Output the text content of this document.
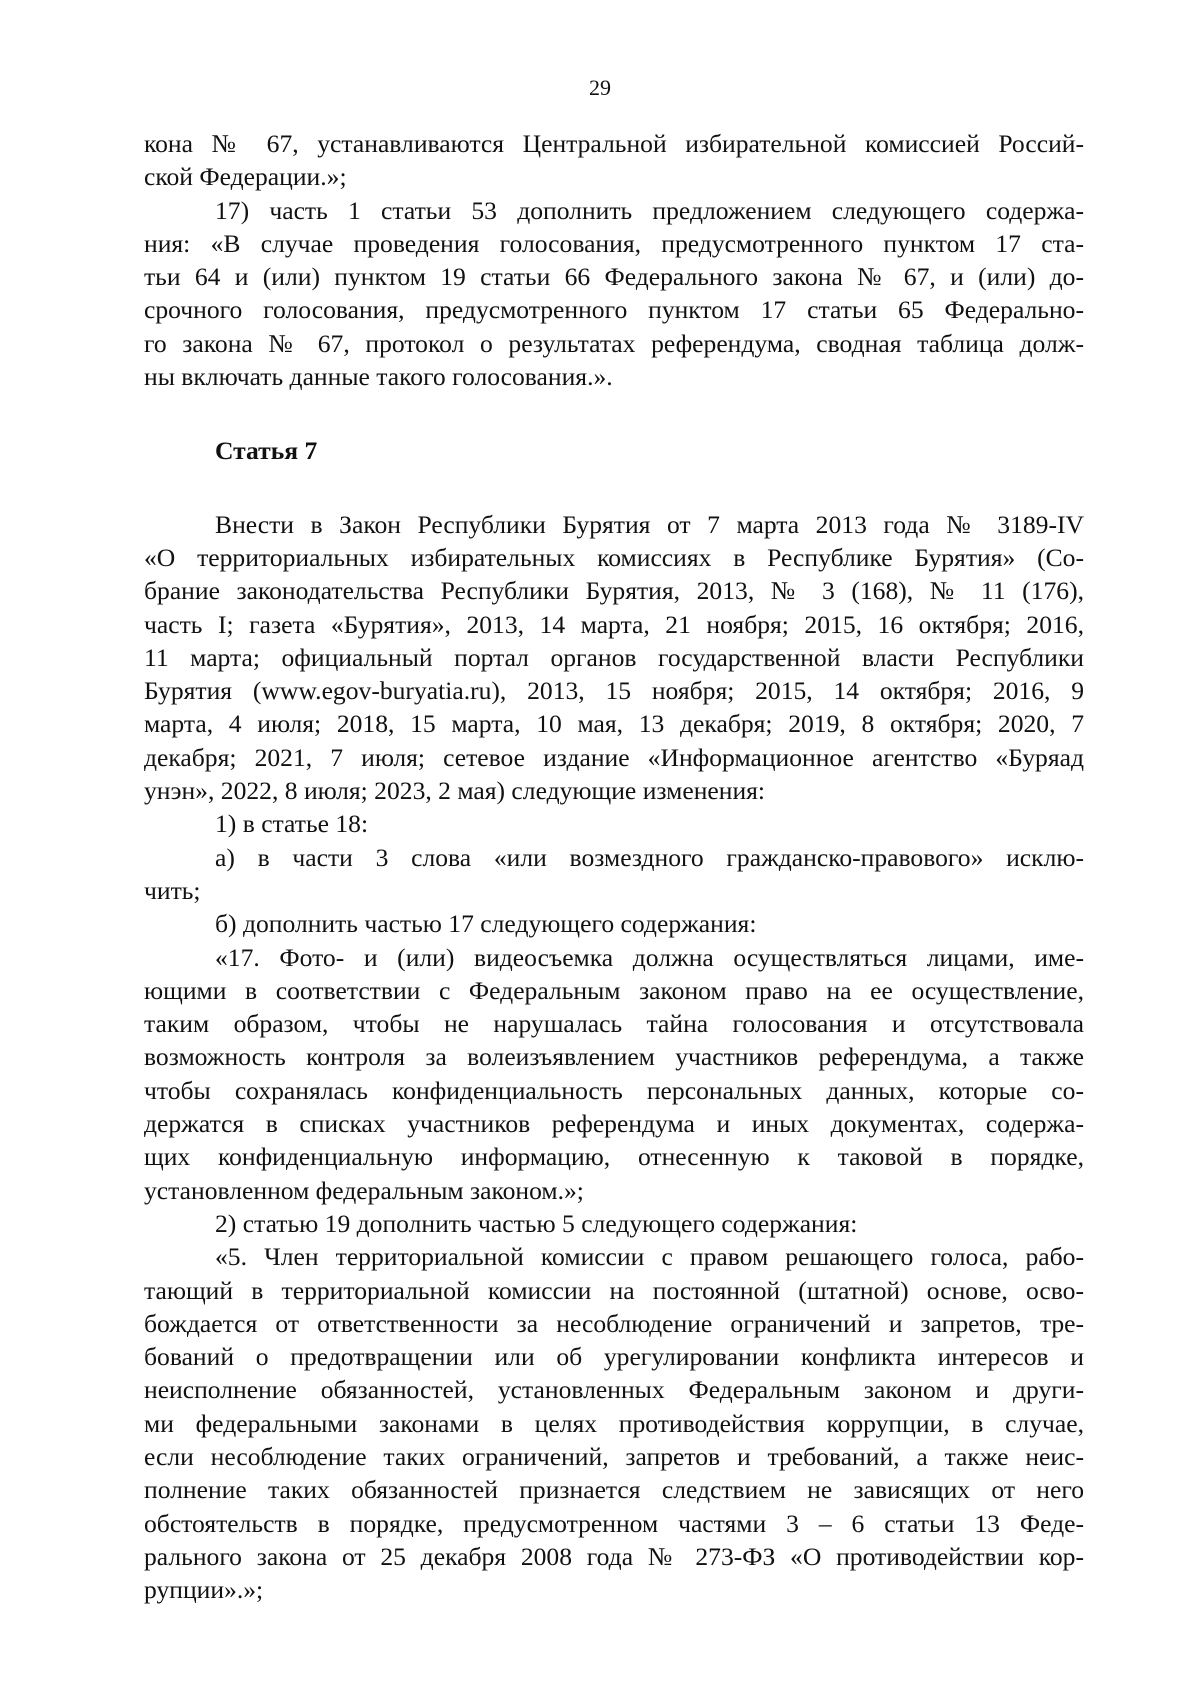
29
кона № 67, устанавливаются Центральной избирательной комиссией Россий-
ской Федерации.»;
17) часть 1 статьи 53 дополнить предложением следующего содержа-
ния: «В случае проведения голосования, предусмотренного пунктом 17 ста-
тьи 64 и (или) пунктом 19 статьи 66 Федерального закона № 67, и (или) до-
срочного голосования, предусмотренного пунктом 17 статьи 65 Федерально-
го закона № 67, протокол о результатах референдума, сводная таблица долж-
ны включать данные такого голосования.».
Статья 7
Внести в Закон Республики Бурятия от 7 марта 2013 года № 3189-IV
«О территориальных избирательных комиссиях в Республике Бурятия» (Со-
брание законодательства Республики Бурятия, 2013, № 3 (168), № 11 (176),
часть I; газета «Бурятия», 2013, 14 марта, 21 ноября; 2015, 16 октября; 2016,
11 марта; официальный портал органов государственной власти Республики
Бурятия (www.egov-buryatia.ru), 2013, 15 ноября; 2015, 14 октября; 2016, 9
марта, 4 июля; 2018, 15 марта, 10 мая, 13 декабря; 2019, 8 октября; 2020, 7
декабря; 2021, 7 июля; сетевое издание «Информационное агентство «Буряад
унэн», 2022, 8 июля; 2023, 2 мая) следующие изменения:
1) в статье 18:
а) в части 3 слова «или возмездного гражданско-правового» исклю-
чить;
б) дополнить частью 17 следующего содержания:
«17. Фото- и (или) видеосъемка должна осуществляться лицами, име-
ющими в соответствии с Федеральным законом право на ее осуществление,
таким образом, чтобы не нарушалась тайна голосования и отсутствовала
возможность контроля за волеизъявлением участников референдума, а также
чтобы сохранялась конфиденциальность персональных данных, которые со-
держатся в списках участников референдума и иных документах, содержа-
щих конфиденциальную информацию, отнесенную к таковой в порядке,
установленном федеральным законом.»;
2) статью 19 дополнить частью 5 следующего содержания:
«5. Член территориальной комиссии с правом решающего голоса, рабо-
тающий в территориальной комиссии на постоянной (штатной) основе, осво-
бождается от ответственности за несоблюдение ограничений и запретов, тре-
бований о предотвращении или об урегулировании конфликта интересов и
неисполнение обязанностей, установленных Федеральным законом и други-
ми федеральными законами в целях противодействия коррупции, в случае,
если несоблюдение таких ограничений, запретов и требований, а также неис-
полнение таких обязанностей признается следствием не зависящих от него
обстоятельств в порядке, предусмотренном частями 3 – 6 статьи 13 Феде-
рального закона от 25 декабря 2008 года № 273-ФЗ «О противодействии кор-
рупции».»;
